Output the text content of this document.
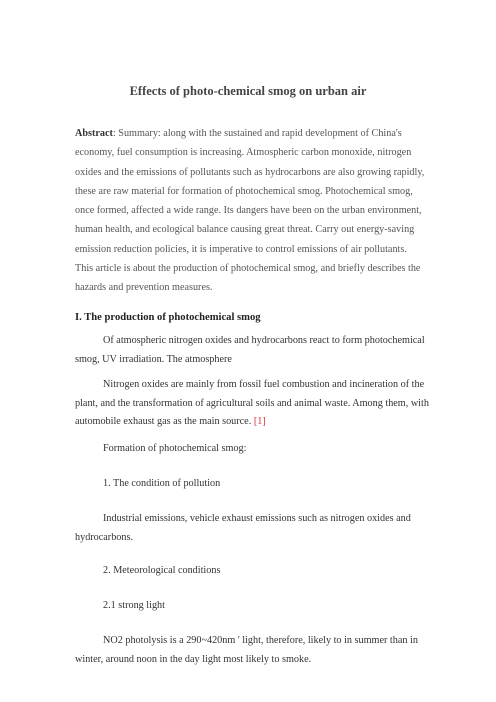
Effects of photo-chemical smog on urban air
Abstract: Summary: along with the sustained and rapid development of China's economy, fuel consumption is increasing. Atmospheric carbon monoxide, nitrogen oxides and the emissions of pollutants such as hydrocarbons are also growing rapidly, these are raw material for formation of photochemical smog. Photochemical smog, once formed, affected a wide range. Its dangers have been on the urban environment, human health, and ecological balance causing great threat. Carry out energy-saving emission reduction policies, it is imperative to control emissions of air pollutants. This article is about the production of photochemical smog, and briefly describes the hazards and prevention measures.
I. The production of photochemical smog
Of atmospheric nitrogen oxides and hydrocarbons react to form photochemical smog, UV irradiation. The atmosphere
Nitrogen oxides are mainly from fossil fuel combustion and incineration of the plant, and the transformation of agricultural soils and animal waste. Among them, with automobile exhaust gas as the main source. [1]
Formation of photochemical smog:
1. The condition of pollution
Industrial emissions, vehicle exhaust emissions such as nitrogen oxides and hydrocarbons.
2. Meteorological conditions
2.1 strong light
NO2 photolysis is a 290~420nm ' light, therefore, likely to in summer than in winter, around noon in the day light most likely to smoke.
